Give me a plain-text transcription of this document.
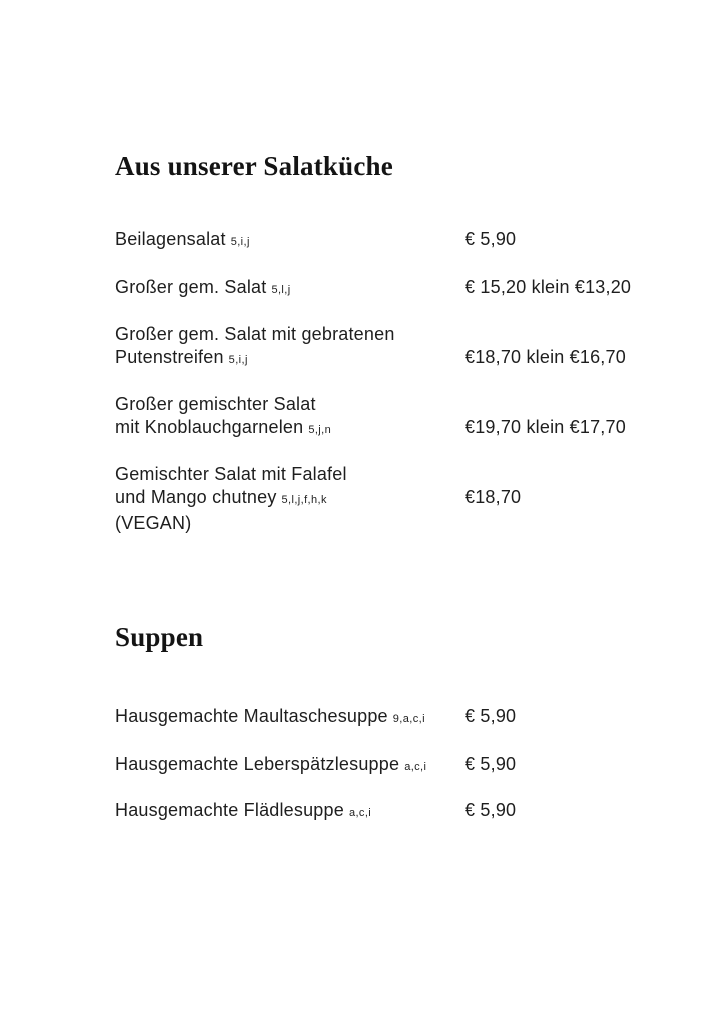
Aus unserer Salatküche
Beilagensalat 5,i,j	€ 5,90
Großer gem. Salat 5,l,j	€ 15,20 klein €13,20
Großer gem. Salat mit gebratenen
Putenstreifen 5,i,j	€18,70 klein €16,70
Großer gemischter Salat
mit Knoblauchgarnelen 5,j,n	€19,70 klein €17,70
Gemischter Salat mit Falafel
und Mango chutney 5,l,j,f,h,k	€18,70
(VEGAN)
Suppen
Hausgemachte Maultaschesuppe 9,a,c,i € 5,90
Hausgemachte Leberspätzlesuppe a,c,i € 5,90
Hausgemachte Flädlesuppe a,c,i	€ 5,90
